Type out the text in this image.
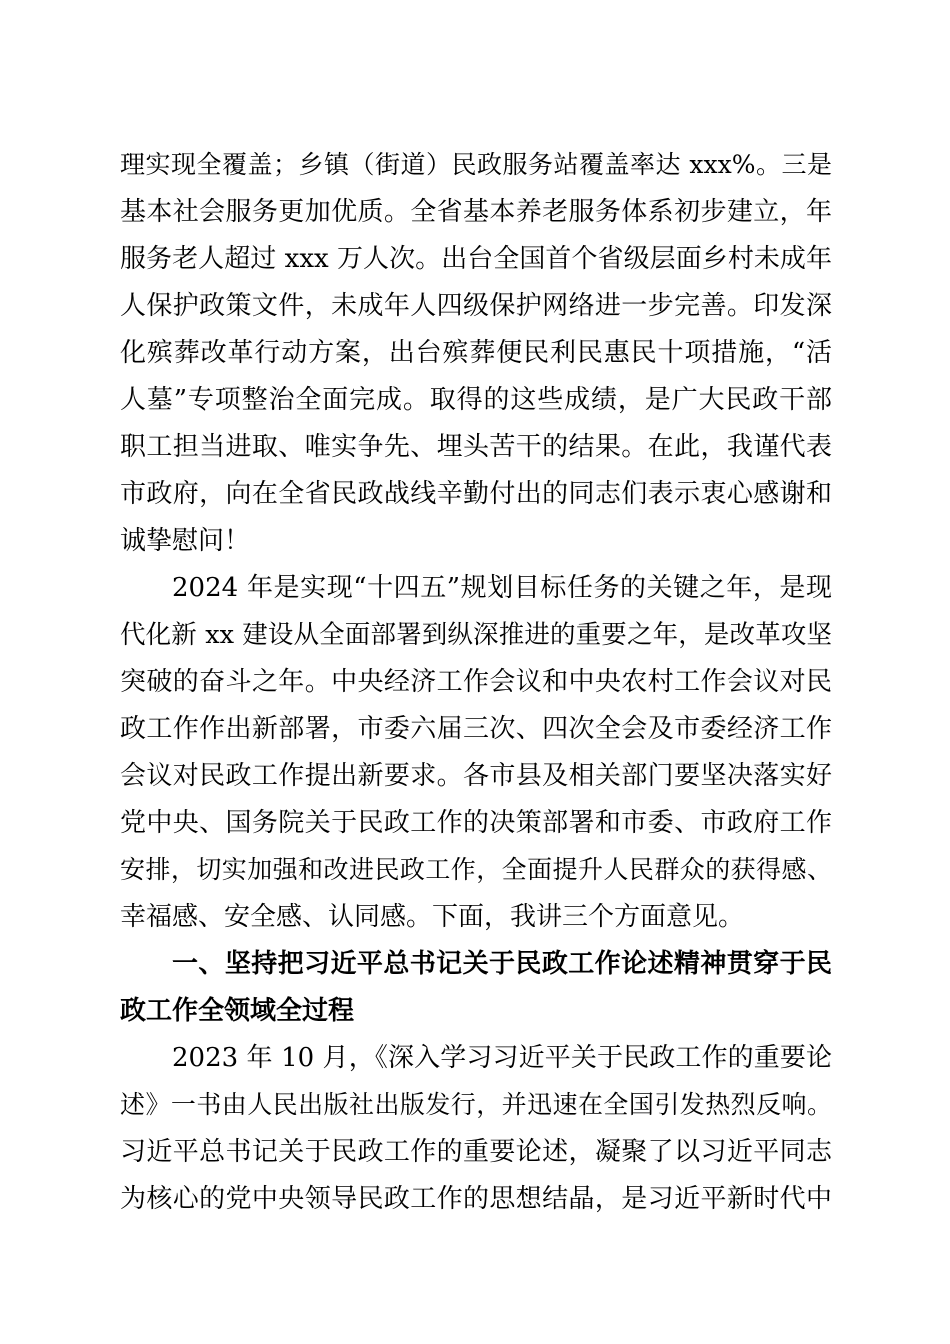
理实现全覆盖；乡镇（街道）民政服务站覆盖率达 xxx%。三是
基本社会服务更加优质。全省基本养老服务体系初步建立，年
服务老人超过 xxx 万人次。出台全国首个省级层面乡村未成年
人保护政策文件，未成年人四级保护网络进一步完善。印发深
化殡葬改革行动方案，出台殡葬便民利民惠民十项措施，“活
人墓”专项整治全面完成。取得的这些成绩，是广大民政干部
职工担当进取、唯实争先、埋头苦干的结果。在此，我谨代表
市政府，向在全省民政战线辛勤付出的同志们表示衷心感谢和
诚挚慰问！
2024 年是实现“十四五”规划目标任务的关键之年，是现
代化新 xx 建设从全面部署到纵深推进的重要之年，是改革攻坚
突破的奋斗之年。中央经济工作会议和中央农村工作会议对民
政工作作出新部署，市委六届三次、四次全会及市委经济工作
会议对民政工作提出新要求。各市县及相关部门要坚决落实好
党中央、国务院关于民政工作的决策部署和市委、市政府工作
安排，切实加强和改进民政工作，全面提升人民群众的获得感、
幸福感、安全感、认同感。下面，我讲三个方面意见。
一、坚持把习近平总书记关于民政工作论述精神贯穿于民
政工作全领域全过程
2023 年 10 月，《深入学习习近平关于民政工作的重要论
述》一书由人民出版社出版发行，并迅速在全国引发热烈反响。
习近平总书记关于民政工作的重要论述，凝聚了以习近平同志
为核心的党中央领导民政工作的思想结晶，是习近平新时代中
